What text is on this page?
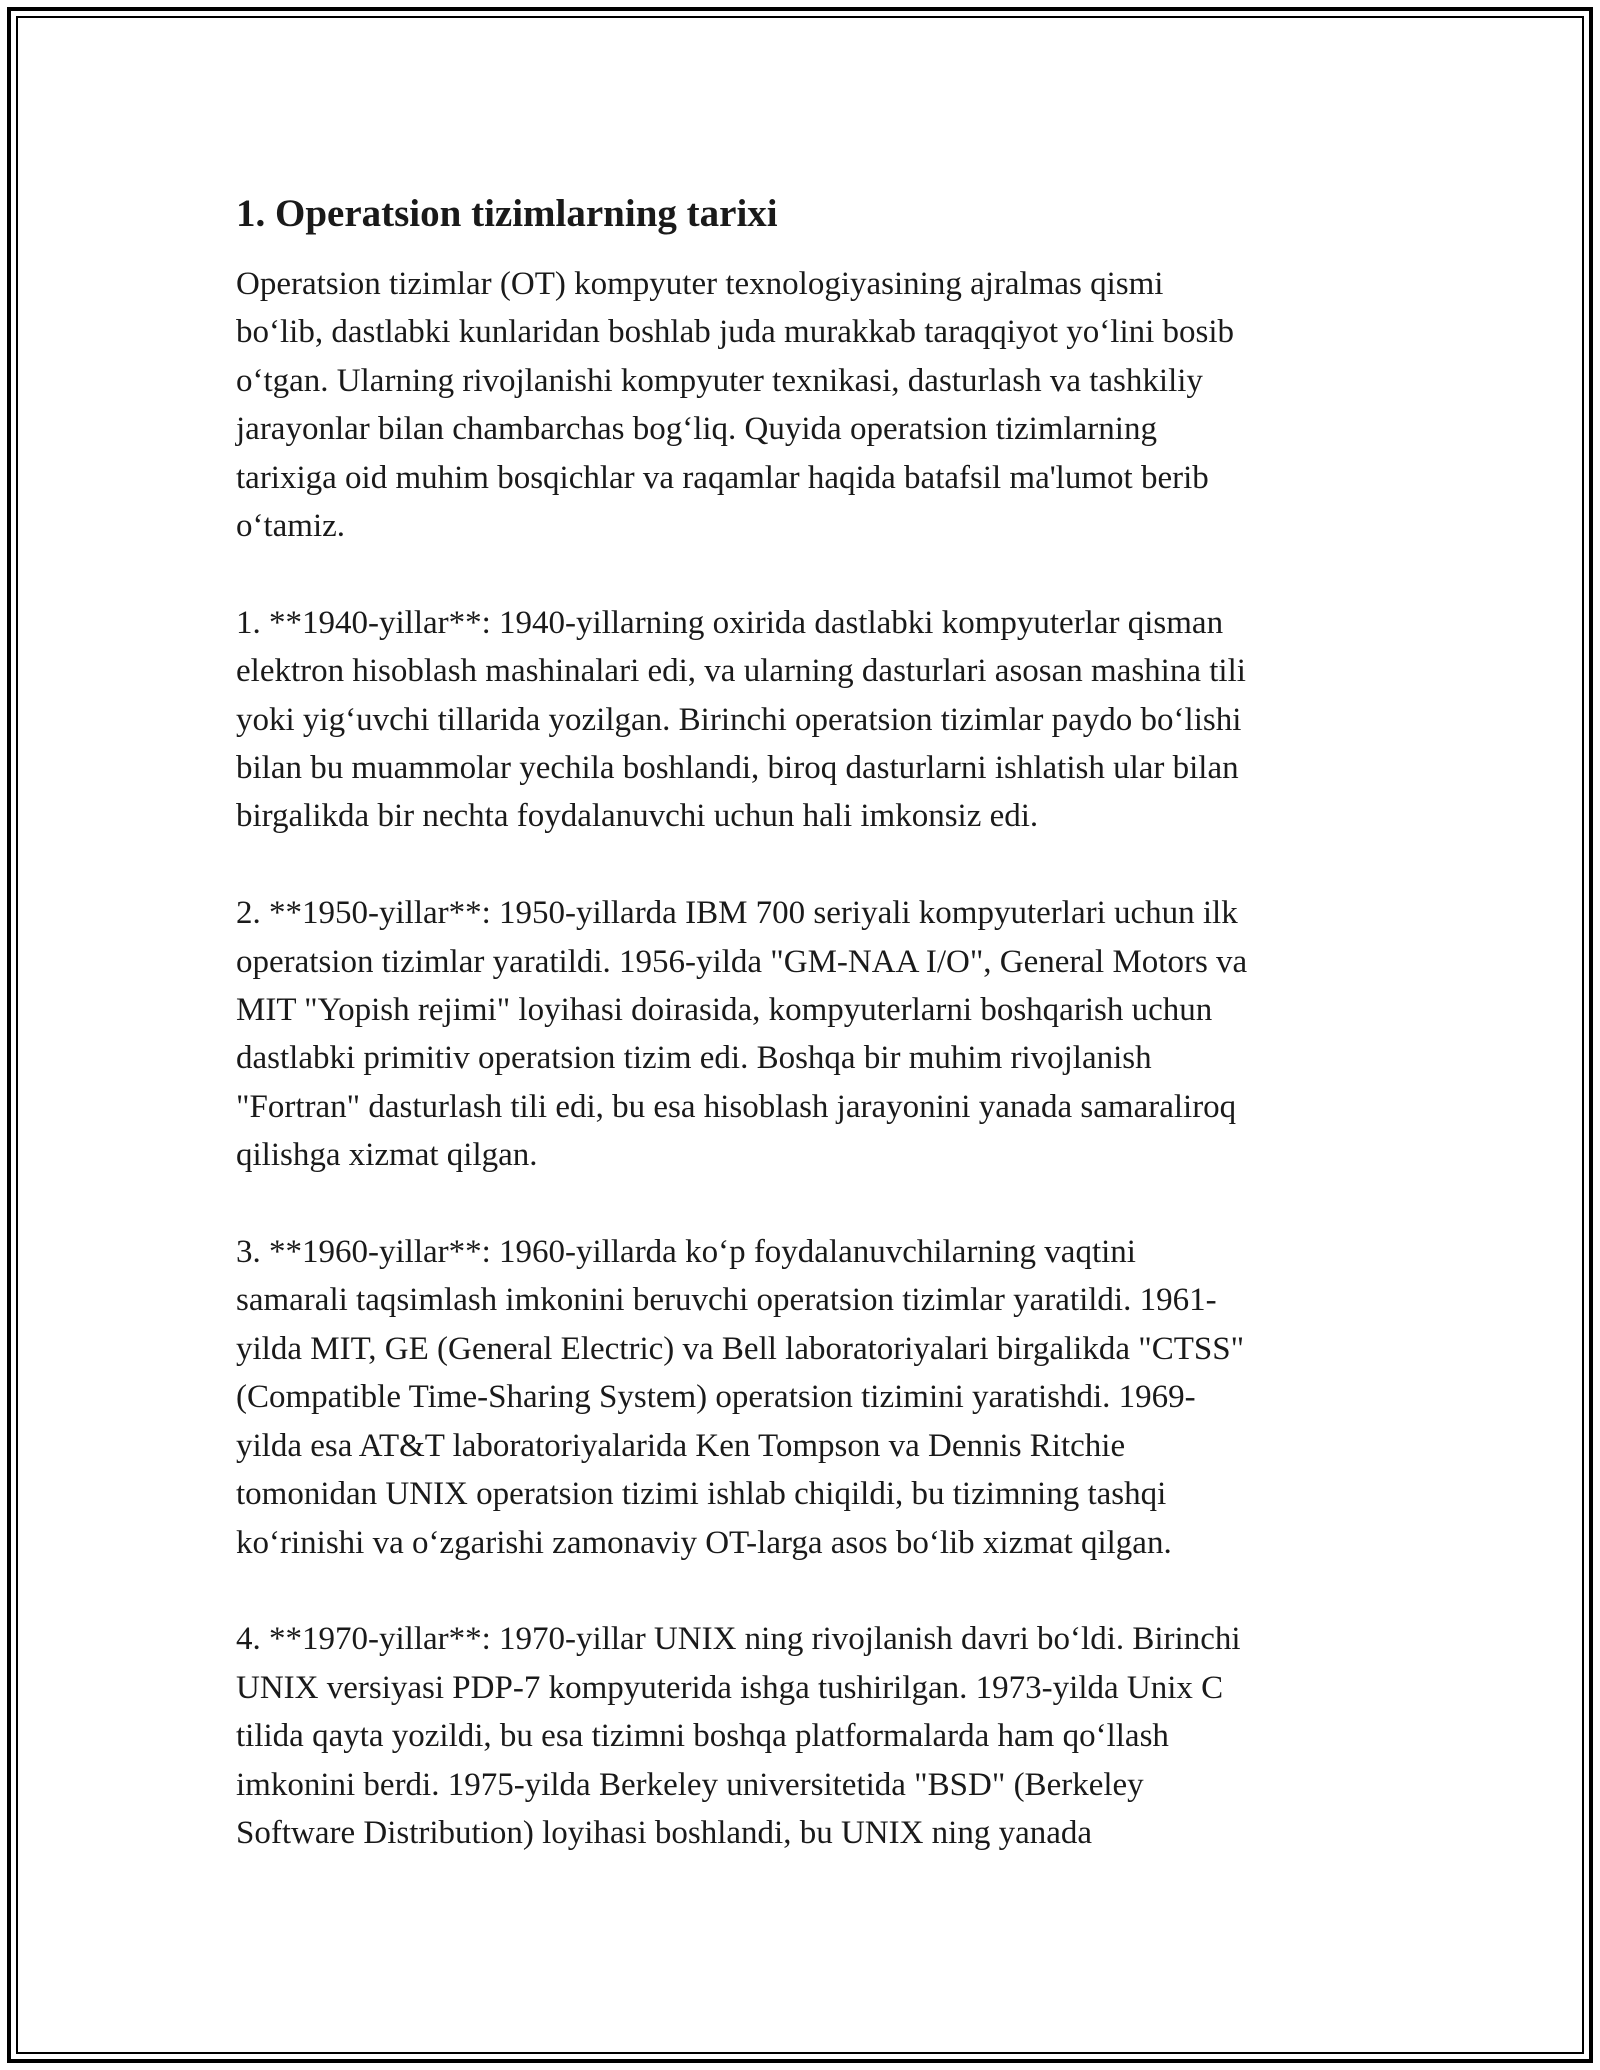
1. Operatsion tizimlarning tarixi

Operatsion tizimlar (OT) kompyuter texnologiyasining ajralmas qismi
bo‘lib, dastlabki kunlaridan boshlab juda murakkab taraqqiyot yo‘lini bosib
o‘tgan. Ularning rivojlanishi kompyuter texnikasi, dasturlash va tashkiliy
jarayonlar bilan chambarchas bog‘liq. Quyida operatsion tizimlarning
tarixiga oid muhim bosqichlar va raqamlar haqida batafsil ma'lumot berib
o‘tamiz.

1. **1940-yillar**: 1940-yillarning oxirida dastlabki kompyuterlar qisman
elektron hisoblash mashinalari edi, va ularning dasturlari asosan mashina tili
yoki yig‘uvchi tillarida yozilgan. Birinchi operatsion tizimlar paydo bo‘lishi
bilan bu muammolar yechila boshlandi, biroq dasturlarni ishlatish ular bilan
birgalikda bir nechta foydalanuvchi uchun hali imkonsiz edi.

2. **1950-yillar**: 1950-yillarda IBM 700 seriyali kompyuterlari uchun ilk
operatsion tizimlar yaratildi. 1956-yilda "GM-NAA I/O", General Motors va
MIT "Yopish rejimi" loyihasi doirasida, kompyuterlarni boshqarish uchun
dastlabki primitiv operatsion tizim edi. Boshqa bir muhim rivojlanish
"Fortran" dasturlash tili edi, bu esa hisoblash jarayonini yanada samaraliroq
qilishga xizmat qilgan.

3. **1960-yillar**: 1960-yillarda ko‘p foydalanuvchilarning vaqtini
samarali taqsimlash imkonini beruvchi operatsion tizimlar yaratildi. 1961-
yilda MIT, GE (General Electric) va Bell laboratoriyalari birgalikda "CTSS"
(Compatible Time-Sharing System) operatsion tizimini yaratishdi. 1969-
yilda esa AT&T laboratoriyalarida Ken Tompson va Dennis Ritchie
tomonidan UNIX operatsion tizimi ishlab chiqildi, bu tizimning tashqi
ko‘rinishi va o‘zgarishi zamonaviy OT-larga asos bo‘lib xizmat qilgan.

4. **1970-yillar**: 1970-yillar UNIX ning rivojlanish davri bo‘ldi. Birinchi
UNIX versiyasi PDP-7 kompyuterida ishga tushirilgan. 1973-yilda Unix C
tilida qayta yozildi, bu esa tizimni boshqa platformalarda ham qo‘llash
imkonini berdi. 1975-yilda Berkeley universitetida "BSD" (Berkeley
Software Distribution) loyihasi boshlandi, bu UNIX ning yanada
